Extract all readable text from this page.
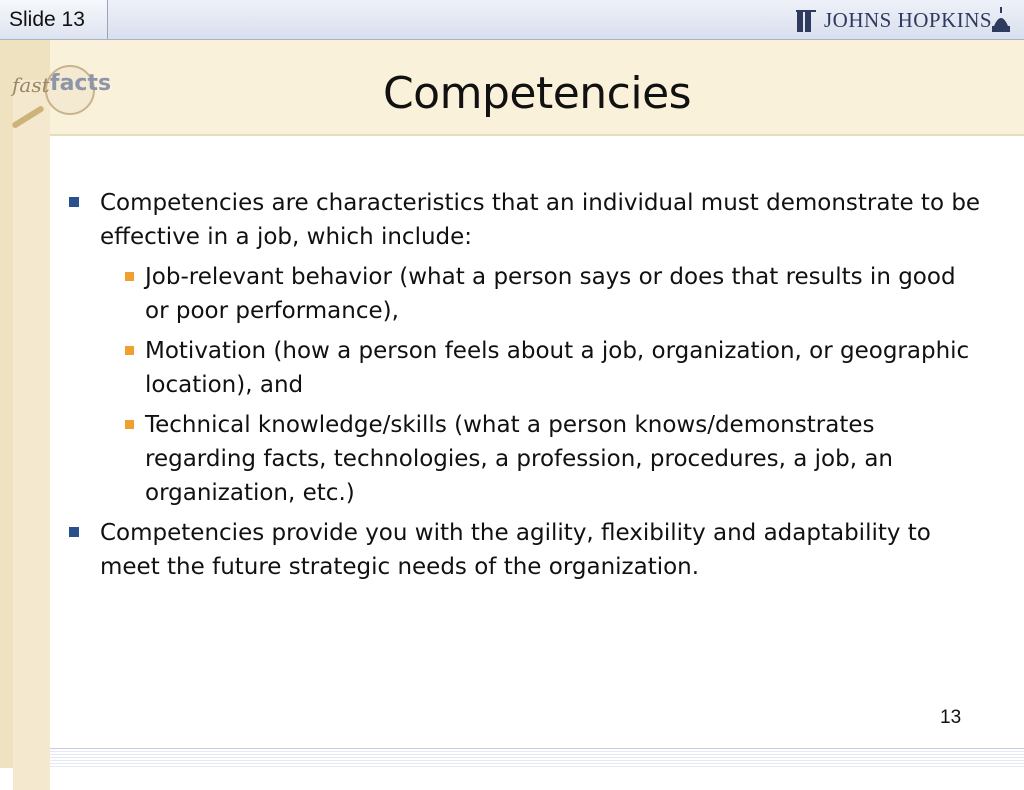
Slide 13	JOHNS HOPKINS
fast facts	Competencies
Competencies are characteristics that an individual must demonstrate to be effective in a job, which include:
Job-relevant behavior (what a person says or does that results in good or poor performance),
Motivation (how a person feels about a job, organization, or geographic location), and
Technical knowledge/skills (what a person knows/demonstrates regarding facts, technologies, a profession, procedures, a job, an organization, etc.)
Competencies provide you with the agility, flexibility and adaptability to meet the future strategic needs of the organization.
13
